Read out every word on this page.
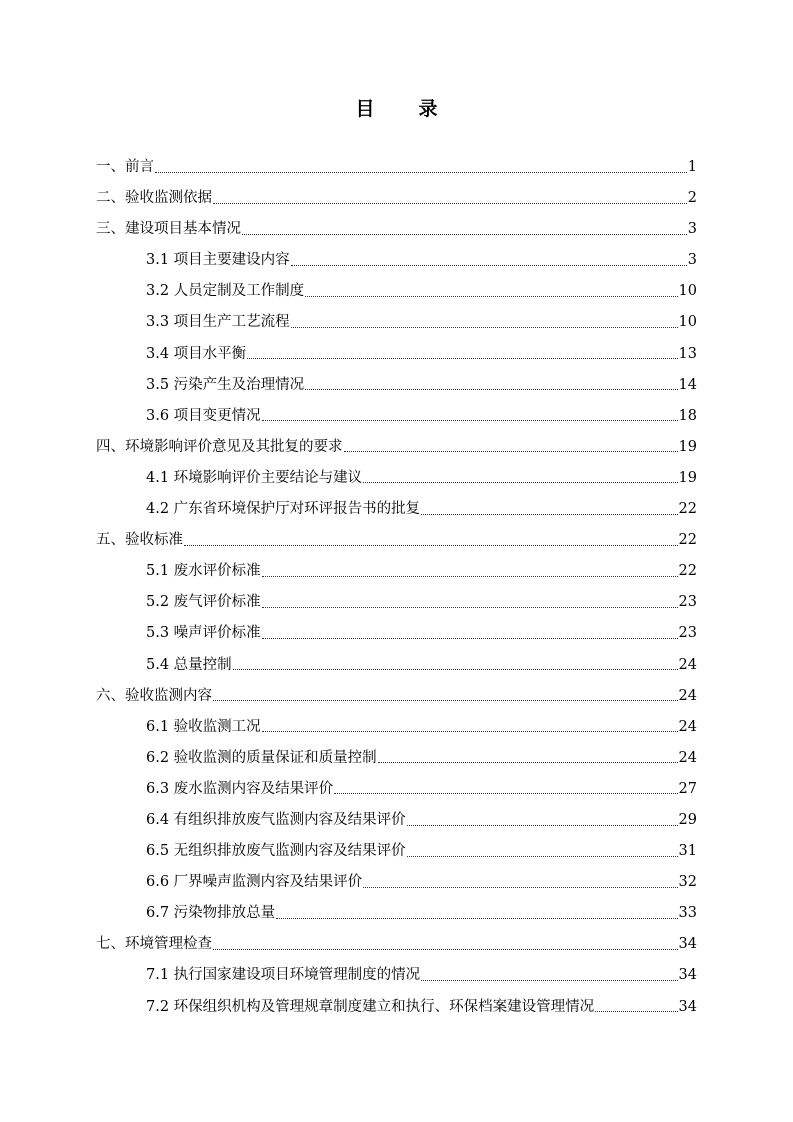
目 录
一、前言	1
二、验收监测依据	2
三、建设项目基本情况	3
3.1 项目主要建设内容	3
3.2 人员定制及工作制度	10
3.3 项目生产工艺流程	10
3.4 项目水平衡	13
3.5 污染产生及治理情况	14
3.6 项目变更情况	18
四、环境影响评价意见及其批复的要求	19
4.1 环境影响评价主要结论与建议	19
4.2 广东省环境保护厅对环评报告书的批复	22
五、验收标准	22
5.1 废水评价标准	22
5.2 废气评价标准	23
5.3 噪声评价标准	23
5.4 总量控制	24
六、验收监测内容	24
6.1 验收监测工况	24
6.2 验收监测的质量保证和质量控制	24
6.3 废水监测内容及结果评价	27
6.4 有组织排放废气监测内容及结果评价	29
6.5 无组织排放废气监测内容及结果评价	31
6.6 厂界噪声监测内容及结果评价	32
6.7 污染物排放总量	33
七、环境管理检查	34
7.1 执行国家建设项目环境管理制度的情况	34
7.2 环保组织机构及管理规章制度建立和执行、环保档案建设管理情况	34
